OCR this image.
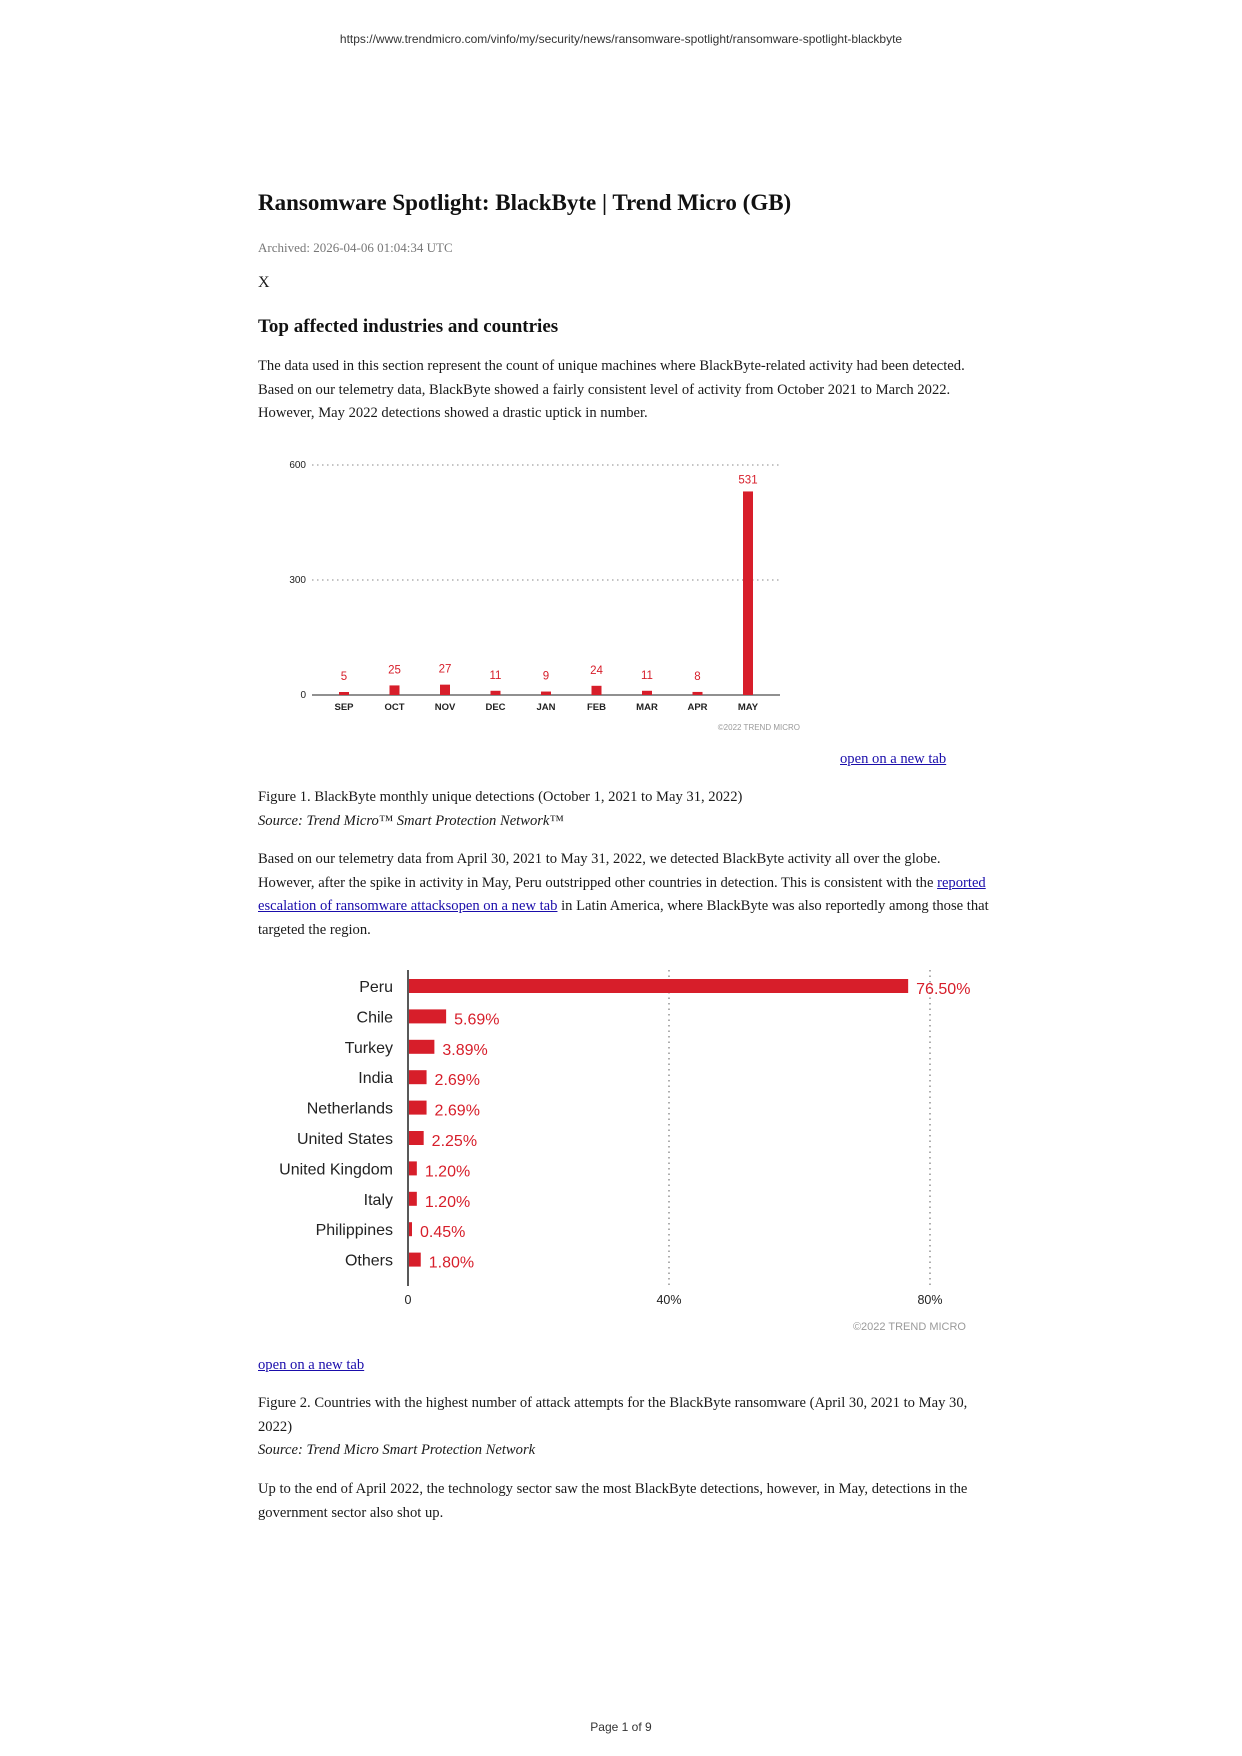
https://www.trendmicro.com/vinfo/my/security/news/ransomware-spotlight/ransomware-spotlight-blackbyte
Ransomware Spotlight: BlackByte | Trend Micro (GB)
Archived: 2026-04-06 01:04:34 UTC
X
Top affected industries and countries

The data used in this section represent the count of unique machines where BlackByte-related activity had been detected. Based on our telemetry data, BlackByte showed a fairly consistent level of activity from October 2021 to March 2022. However, May 2022 detections showed a drastic uptick in number.

0
300
600
5
SEP
25
OCT
27
NOV
11
DEC
9
JAN
24
FEB
11
MAR
8
APR
531
MAY
©2022 TREND MICRO
open on a new tab

Figure 1. BlackByte monthly unique detections (October 1, 2021 to May 31, 2022)

Source: Trend Micro™ Smart Protection Network™

Based on our telemetry data from April 30, 2021 to May 31, 2022, we detected BlackByte activity all over the globe. However, after the spike in activity in May, Peru outstripped other countries in detection. This is consistent with the reported escalation of ransomware attacksopen on a new tab in Latin America, where BlackByte was also reportedly among those that targeted the region.

Peru	76.50%
Chile	5.69%
Turkey	3.89%
India	2.69%
Netherlands	2.69%
United States 2.25%
United Kingdom 1.20%
Italy 1.20%
Philippines 0.45%
Others 1.80%
0	40%	80%
©2022 TREND MICRO
open on a new tab

Figure 2. Countries with the highest number of attack attempts for the BlackByte ransomware (April 30, 2021 to May 30, 2022)

Source: Trend Micro Smart Protection Network

Up to the end of April 2022, the technology sector saw the most BlackByte detections, however, in May, detections in the government sector also shot up.

Page 1 of 9
